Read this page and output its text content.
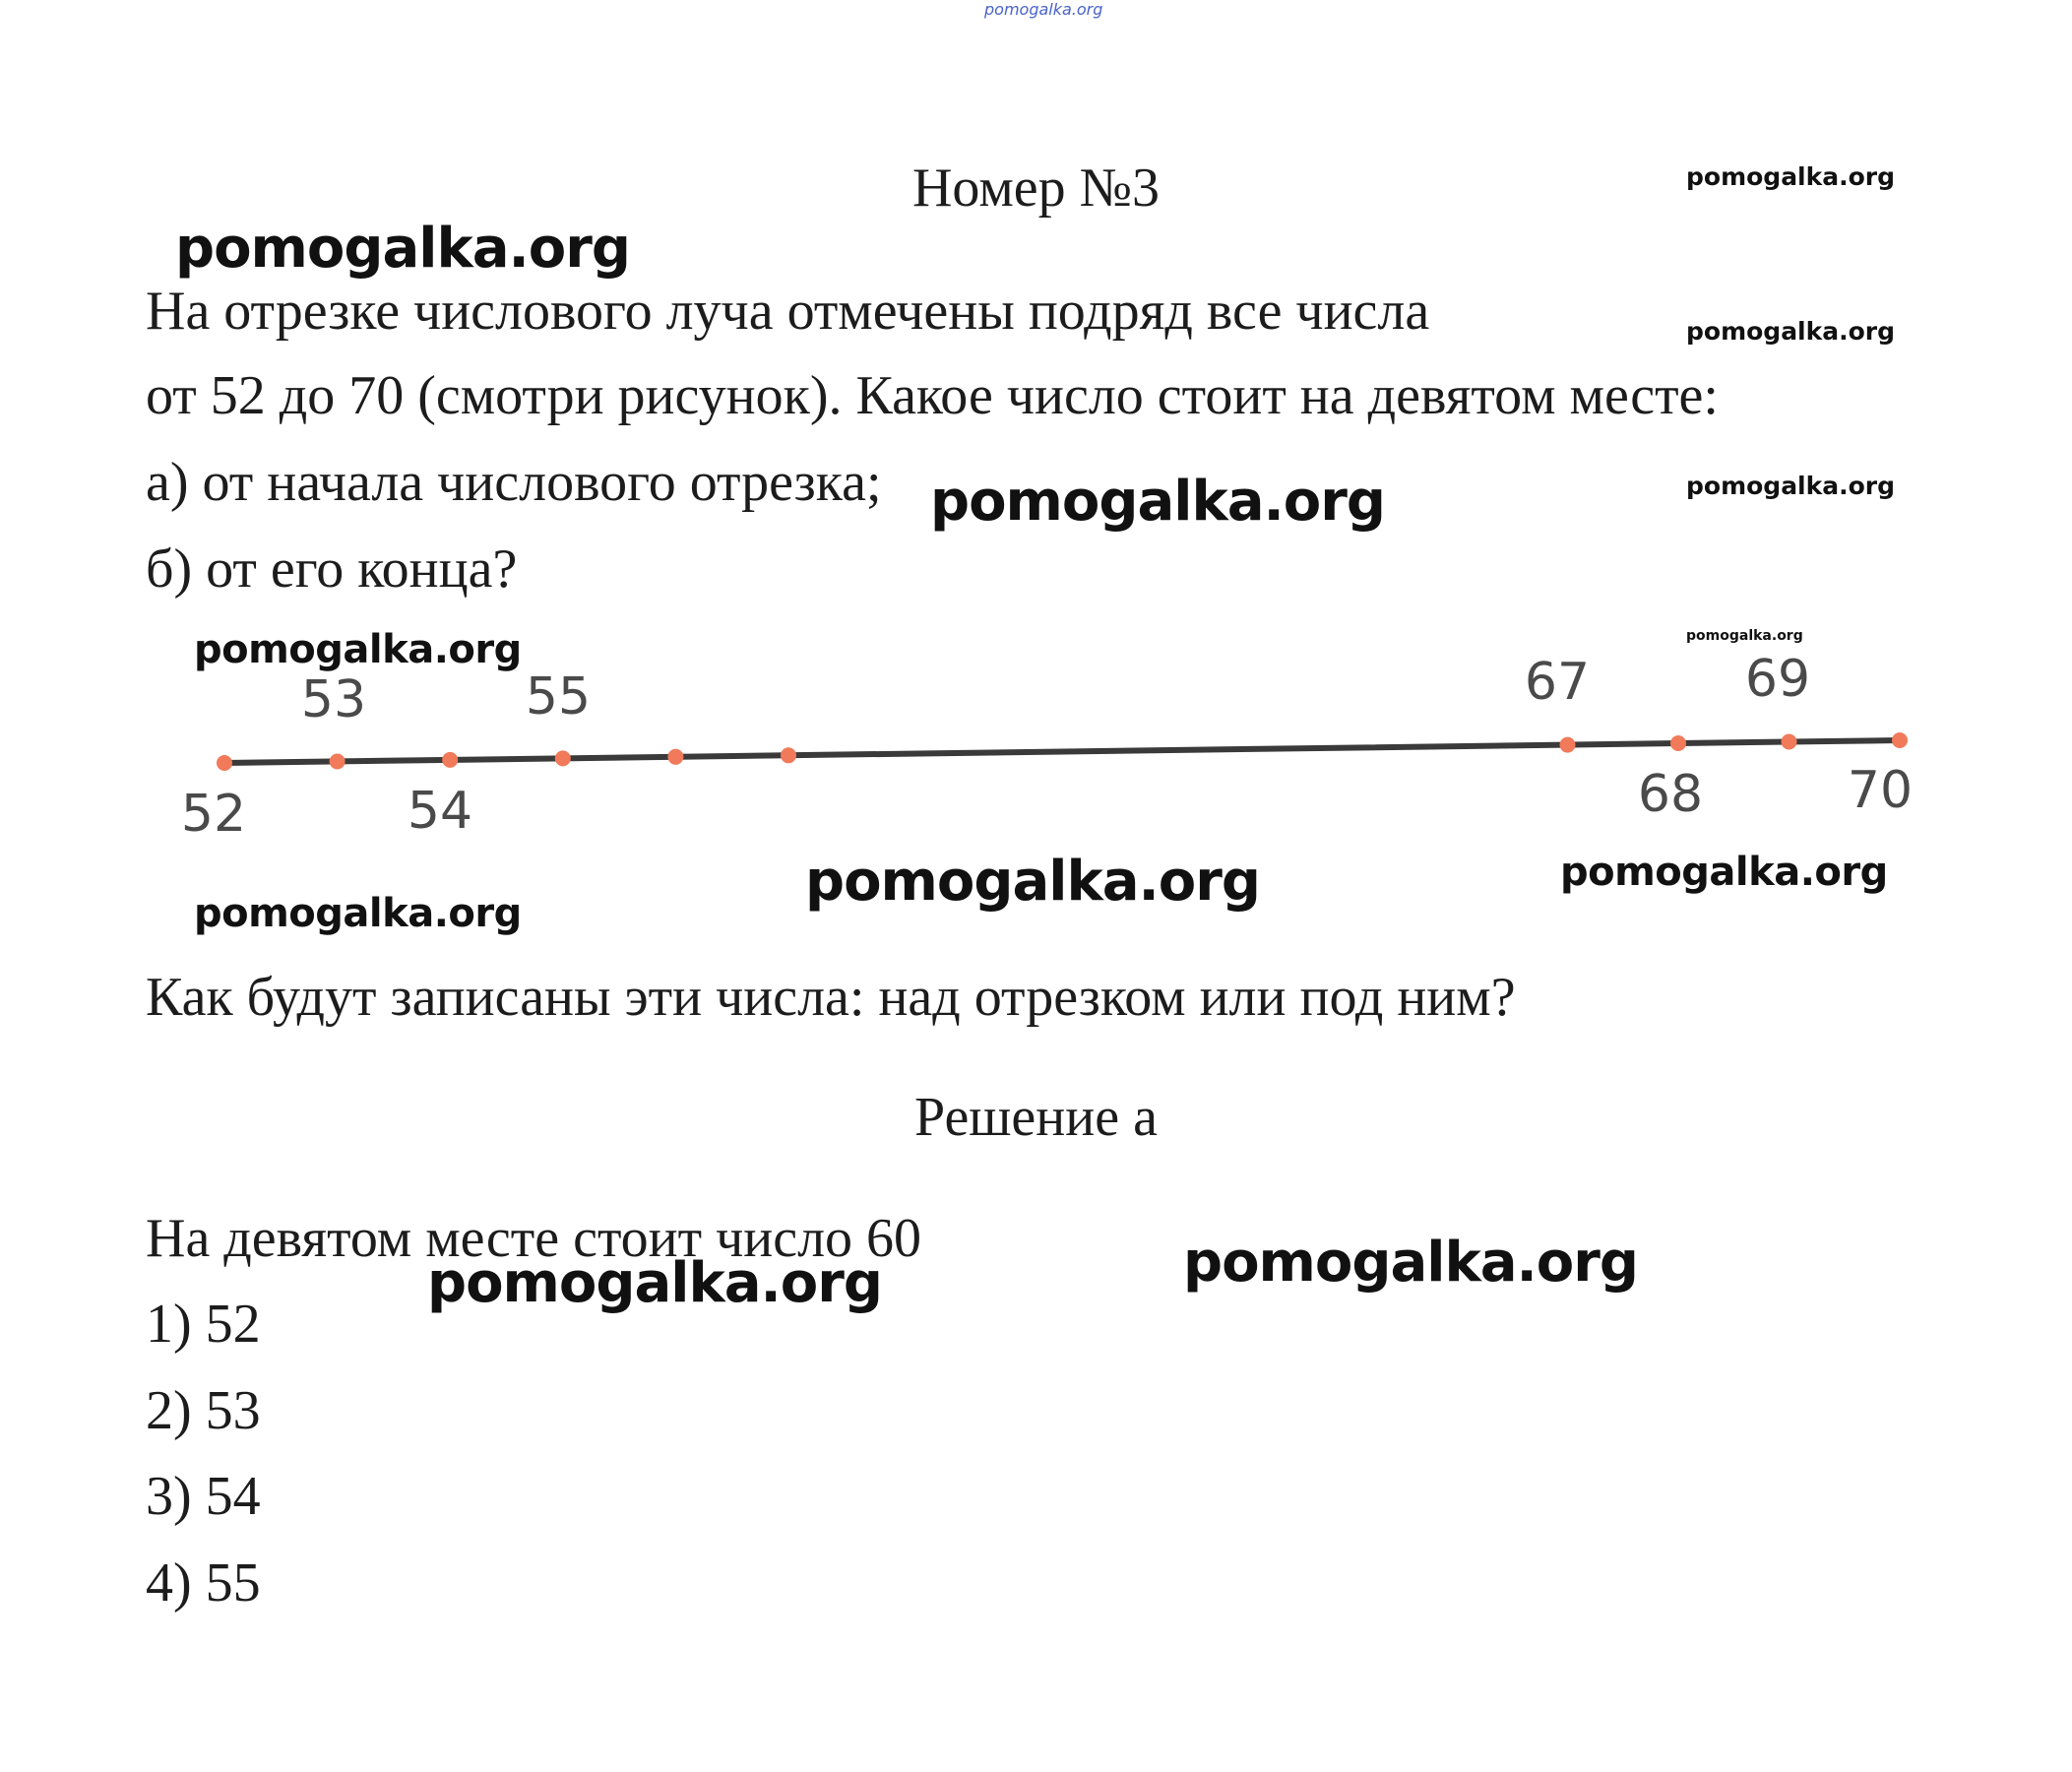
pomogalka.org
pomogalka.org
pomogalka.org
pomogalka.org
pomogalka.org
Номер №3
На отрезке числового луча отмечены подряд все числа
от 52 до 70 (смотри рисунок). Какое число стоит на девятом месте:
а) от начала числового отрезка; pomogalka.org
б) от его конца?
pomogalka.org	pomogalka.org
53	55	67	69
52	54	68	70
pomogalka.org	pomogalka.org
pomogalka.org
Как будут записаны эти числа: над отрезком или под ним?
Решение а
На девятом месте стоит число 60	pomogalka.org
pomogalka.org
1) 52
2) 53
3) 54
4) 55
